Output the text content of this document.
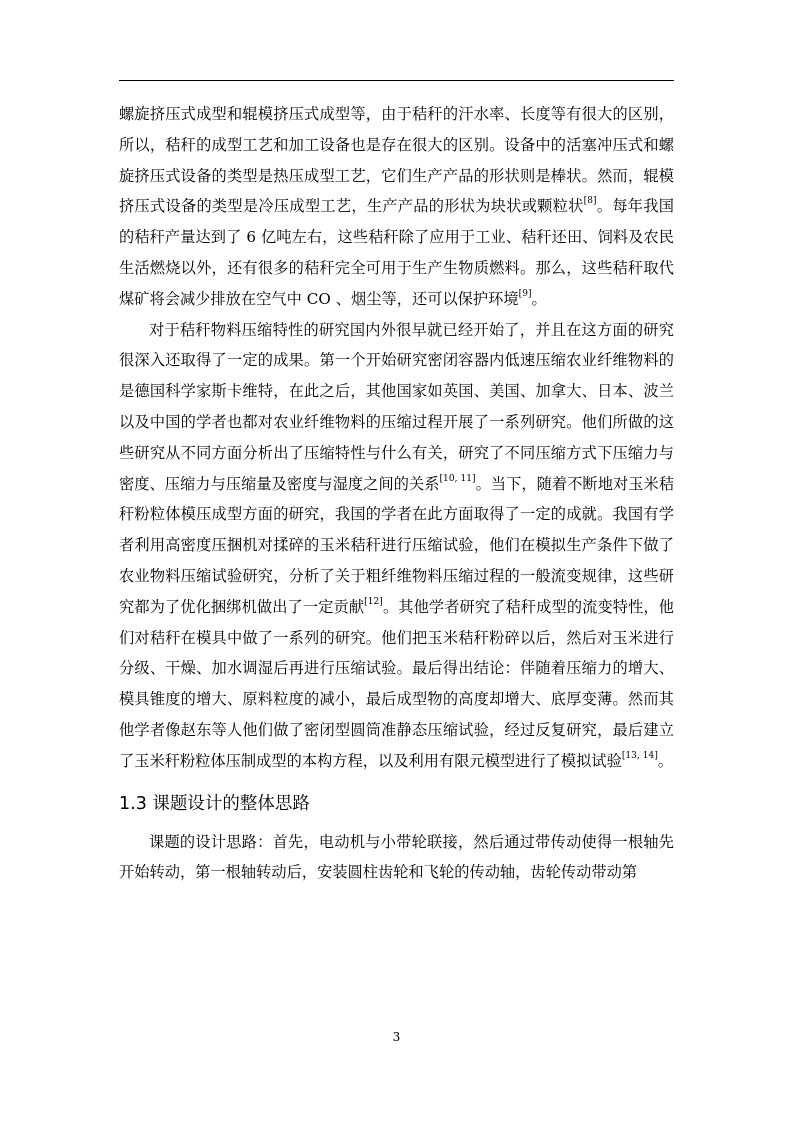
螺旋挤压式成型和辊模挤压式成型等，由于秸秆的汗水率、长度等有很大的区别，所以，秸秆的成型工艺和加工设备也是存在很大的区别。设备中的活塞冲压式和螺旋挤压式设备的类型是热压成型工艺，它们生产产品的形状则是棒状。然而，辊模挤压式设备的类型是冷压成型工艺，生产产品的形状为块状或颗粒状[8]。每年我国的秸秆产量达到了 6 亿吨左右，这些秸秆除了应用于工业、秸秆还田、饲料及农民生活燃烧以外，还有很多的秸秆完全可用于生产生物质燃料。那么，这些秸秆取代煤矿将会减少排放在空气中 CO 、烟尘等，还可以保护环境[9]。

对于秸秆物料压缩特性的研究国内外很早就已经开始了，并且在这方面的研究很深入还取得了一定的成果。第一个开始研究密闭容器内低速压缩农业纤维物料的是德国科学家斯卡维特，在此之后，其他国家如英国、美国、加拿大、日本、波兰以及中国的学者也都对农业纤维物料的压缩过程开展了一系列研究。他们所做的这些研究从不同方面分析出了压缩特性与什么有关，研究了不同压缩方式下压缩力与密度、压缩力与压缩量及密度与湿度之间的关系[10, 11]。当下，随着不断地对玉米秸秆粉粒体模压成型方面的研究，我国的学者在此方面取得了一定的成就。我国有学者利用高密度压捆机对揉碎的玉米秸秆进行压缩试验，他们在模拟生产条件下做了农业物料压缩试验研究，分析了关于粗纤维物料压缩过程的一般流变规律，这些研究都为了优化捆绑机做出了一定贡献[12]。其他学者研究了秸秆成型的流变特性，他们对秸秆在模具中做了一系列的研究。他们把玉米秸秆粉碎以后，然后对玉米进行分级、干燥、加水调湿后再进行压缩试验。最后得出结论：伴随着压缩力的增大、模具锥度的增大、原料粒度的减小，最后成型物的高度却增大、底厚变薄。然而其他学者像赵东等人他们做了密闭型圆筒准静态压缩试验，经过反复研究，最后建立了玉米秆粉粒体压制成型的本构方程，以及利用有限元模型进行了模拟试验[13, 14]。

1.3 课题设计的整体思路

课题的设计思路：首先，电动机与小带轮联接，然后通过带传动使得一根轴先开始转动，第一根轴转动后，安装圆柱齿轮和飞轮的传动轴，齿轮传动带动第

3
